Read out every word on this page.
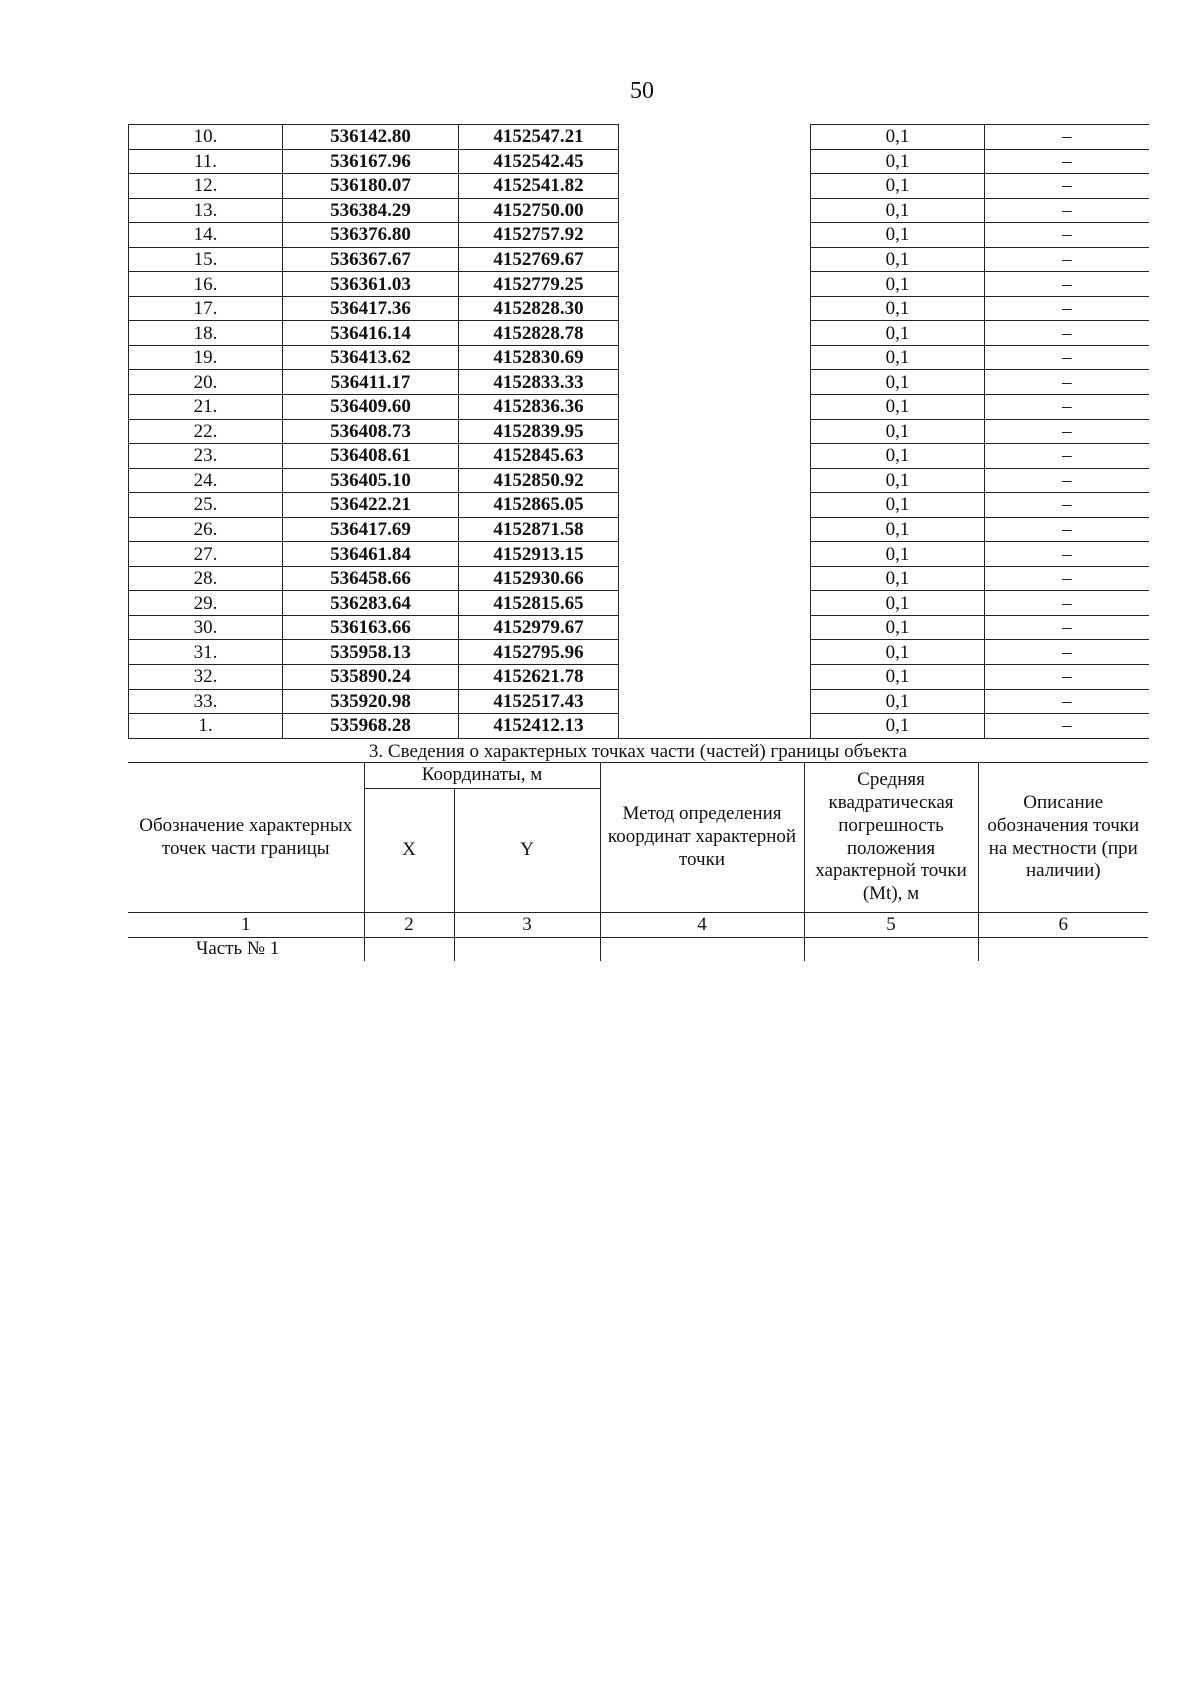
50
10.	536142.80	4152547.21		0,1	–
11.	536167.96	4152542.45		0,1	–
12.	536180.07	4152541.82		0,1	–
13.	536384.29	4152750.00		0,1	–
14.	536376.80	4152757.92		0,1	–
15.	536367.67	4152769.67		0,1	–
16.	536361.03	4152779.25		0,1	–
17.	536417.36	4152828.30		0,1	–
18.	536416.14	4152828.78		0,1	–
19.	536413.62	4152830.69		0,1	–
20.	536411.17	4152833.33		0,1	–
21.	536409.60	4152836.36		0,1	–
22.	536408.73	4152839.95		0,1	–
23.	536408.61	4152845.63		0,1	–
24.	536405.10	4152850.92		0,1	–
25.	536422.21	4152865.05		0,1	–
26.	536417.69	4152871.58		0,1	–
27.	536461.84	4152913.15		0,1	–
28.	536458.66	4152930.66		0,1	–
29.	536283.64	4152815.65		0,1	–
30.	536163.66	4152979.67		0,1	–
31.	535958.13	4152795.96		0,1	–
32.	535890.24	4152621.78		0,1	–
33.	535920.98	4152517.43		0,1	–
1.	535968.28	4152412.13		0,1	–
3. Сведения о характерных точках части (частей) границы объекта
Обозначение характерных точек части границы	Координаты, м		Метод определения координат характерной точки	Средняя квадратическая погрешность положения характерной точки (Mt), м	Описание обозначения точки на местности (при наличии)
	X	Y			
1	2	3	4	5	6
Часть № 1					
